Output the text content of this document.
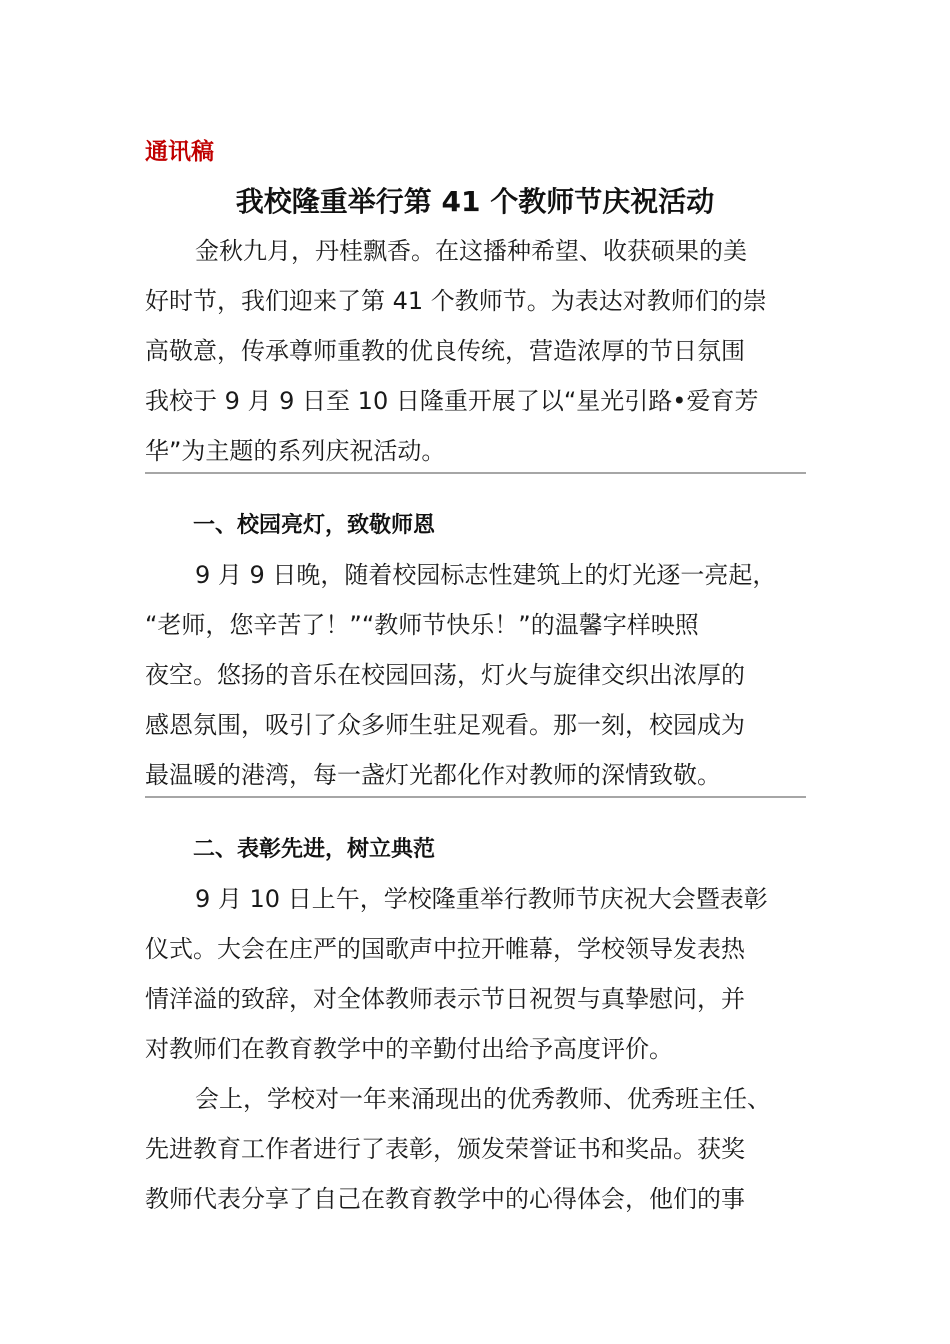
通讯稿
我校隆重举行第 41 个教师节庆祝活动
金秋九月，丹桂飘香。在这播种希望、收获硕果的美
好时节，我们迎来了第 41 个教师节。为表达对教师们的崇
高敬意，传承尊师重教的优良传统，营造浓厚的节日氛围
我校于 9 月 9 日至 10 日隆重开展了以“星光引路•爱育芳
华”为主题的系列庆祝活动。
一、校园亮灯，致敬师恩
9 月 9 日晚，随着校园标志性建筑上的灯光逐一亮起，
“老师，您辛苦了！”“教师节快乐！”的温馨字样映照
夜空。悠扬的音乐在校园回荡，灯火与旋律交织出浓厚的
感恩氛围，吸引了众多师生驻足观看。那一刻，校园成为
最温暖的港湾，每一盏灯光都化作对教师的深情致敬。
二、表彰先进，树立典范
9 月 10 日上午，学校隆重举行教师节庆祝大会暨表彰
仪式。大会在庄严的国歌声中拉开帷幕，学校领导发表热
情洋溢的致辞，对全体教师表示节日祝贺与真挚慰问，并
对教师们在教育教学中的辛勤付出给予高度评价。
会上，学校对一年来涌现出的优秀教师、优秀班主任、
先进教育工作者进行了表彰，颁发荣誉证书和奖品。获奖
教师代表分享了自己在教育教学中的心得体会，他们的事
